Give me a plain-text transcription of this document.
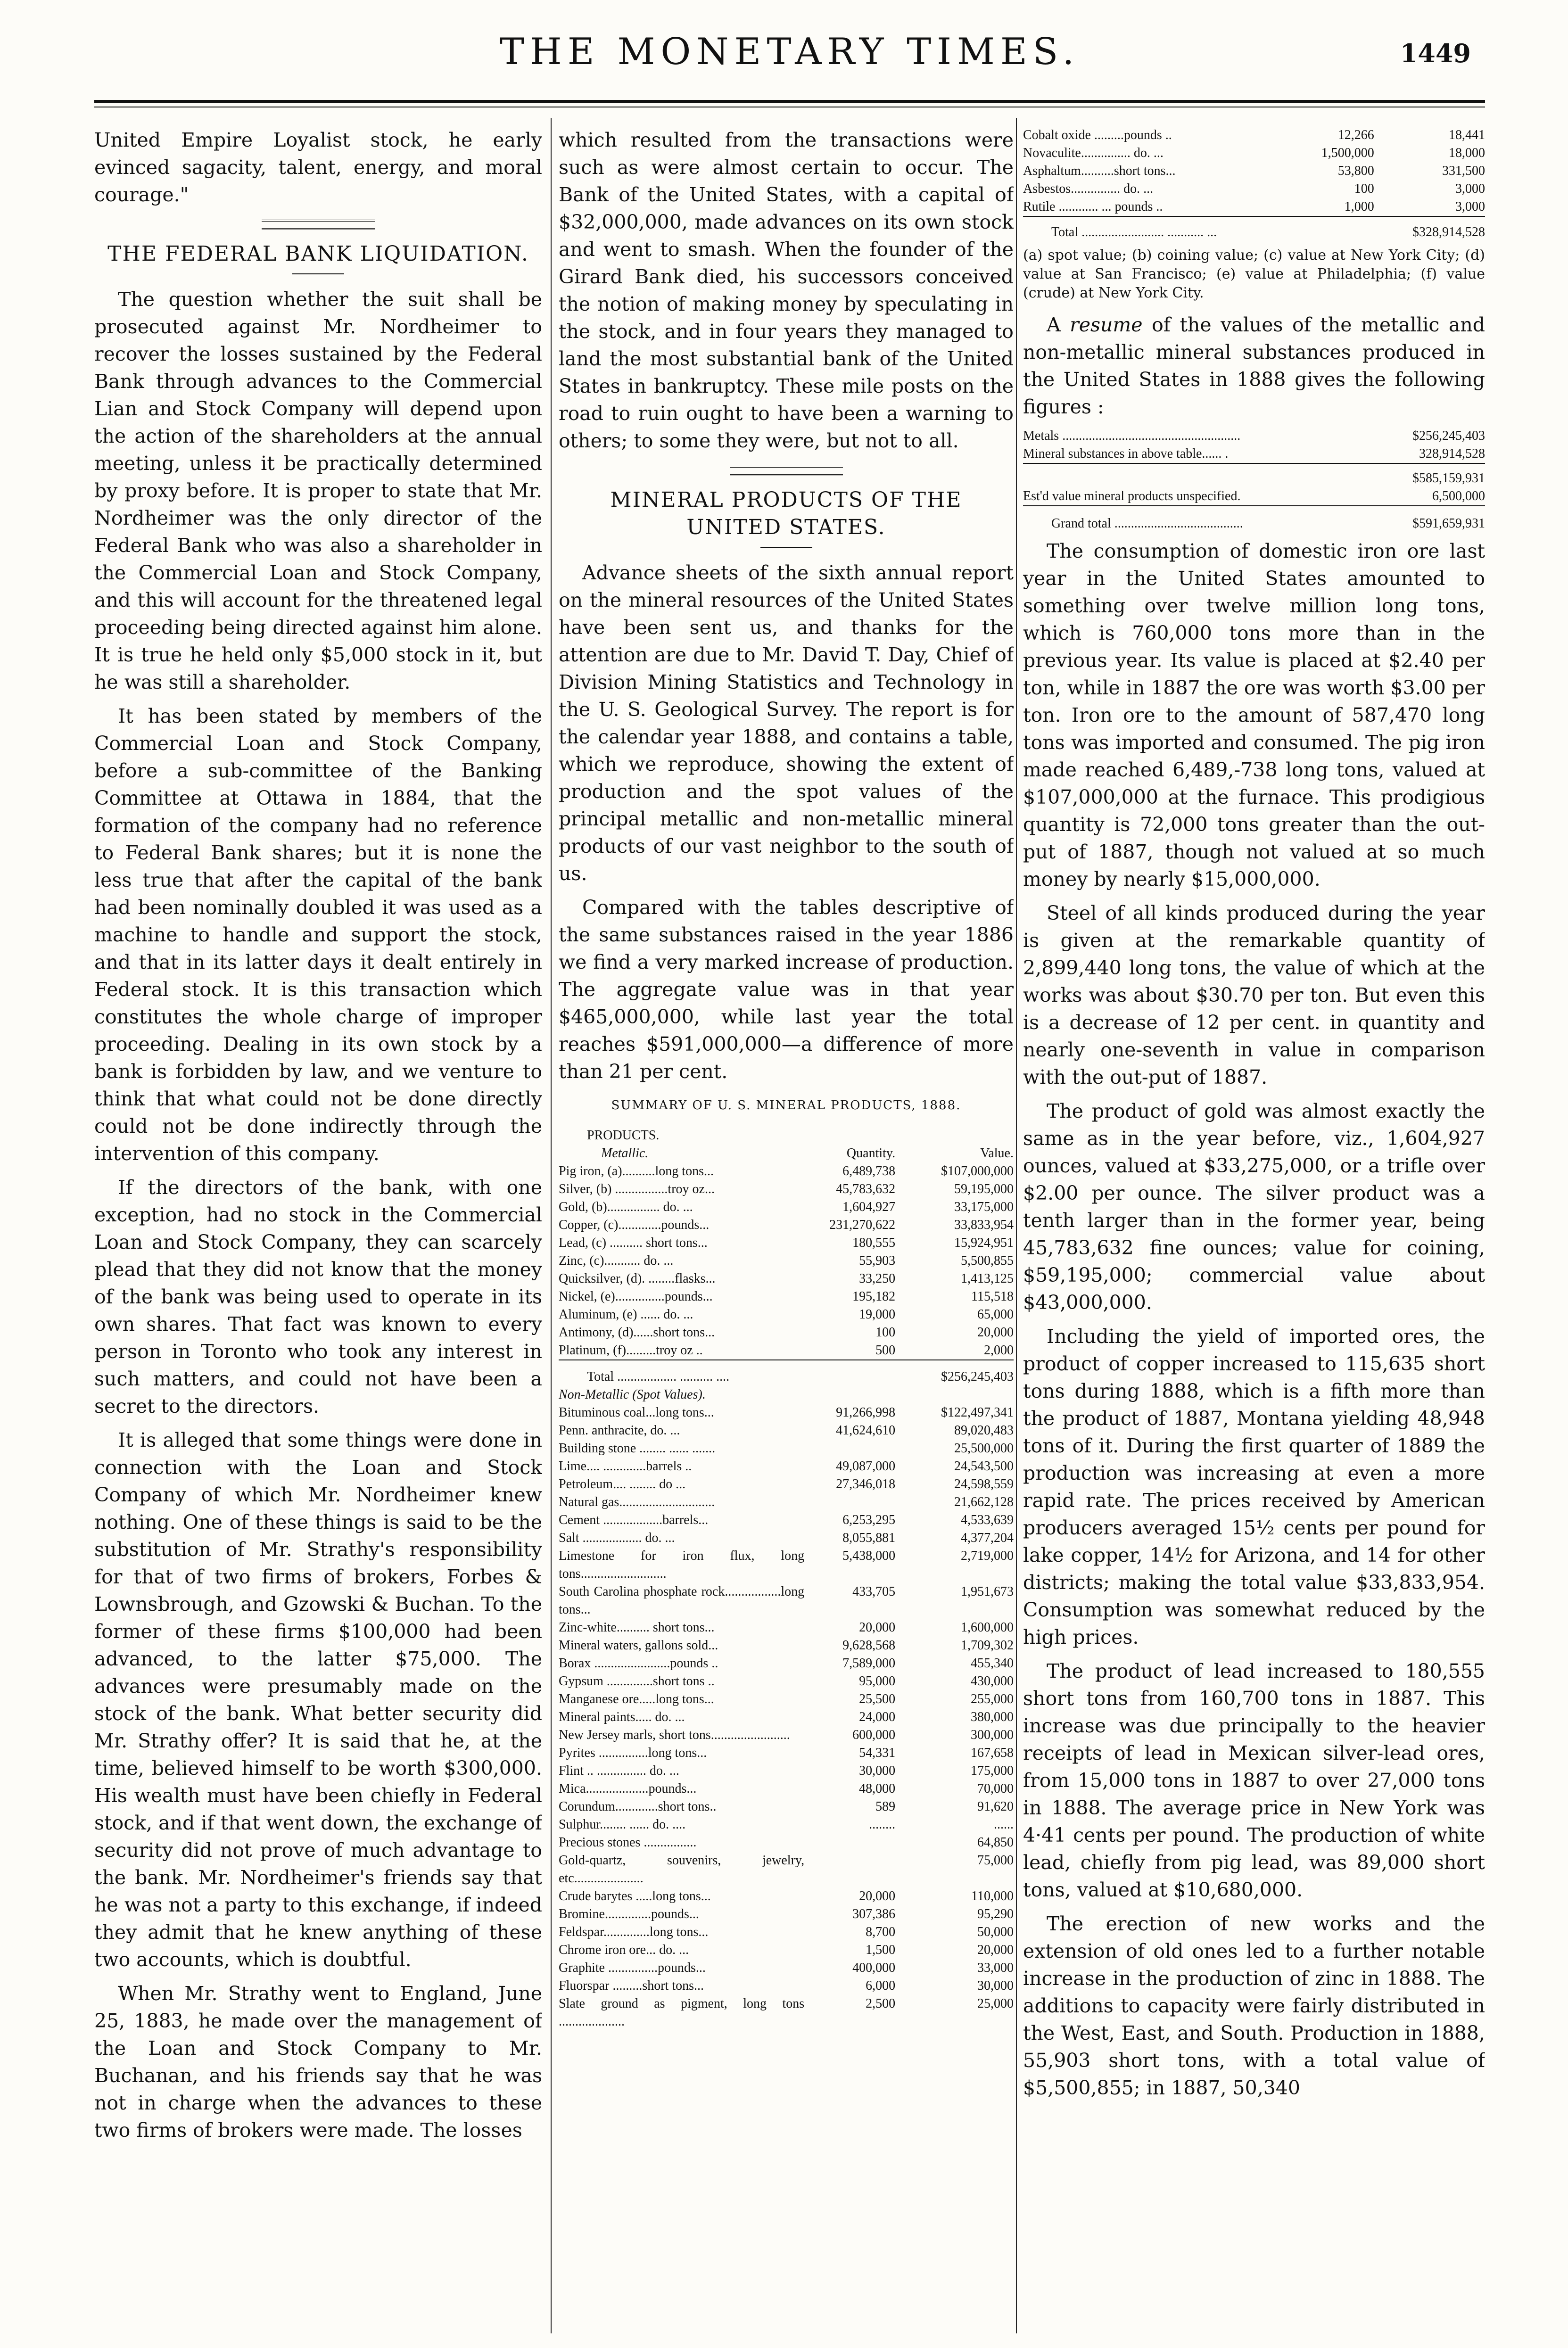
THE MONETARY TIMES.	1449

United Empire Loyalist stock, he early evinced sagacity, talent, energy, and moral courage."

THE FEDERAL BANK LIQUIDATION.

The question whether the suit shall be prosecuted against Mr. Nordheimer to recover the losses sustained by the Federal Bank through advances to the Commercial Lian and Stock Company will depend upon the action of the shareholders at the annual meeting, unless it be practically determined by proxy before. It is proper to state that Mr. Nordheimer was the only director of the Federal Bank who was also a shareholder in the Commercial Loan and Stock Company, and this will account for the threatened legal proceeding being directed against him alone. It is true he held only $5,000 stock in it, but he was still a shareholder.

It has been stated by members of the Commercial Loan and Stock Company, before a sub-committee of the Banking Committee at Ottawa in 1884, that the formation of the company had no reference to Federal Bank shares; but it is none the less true that after the capital of the bank had been nominally doubled it was used as a machine to handle and support the stock, and that in its latter days it dealt entirely in Federal stock. It is this transaction which constitutes the whole charge of improper proceeding. Dealing in its own stock by a bank is forbidden by law, and we venture to think that what could not be done directly could not be done indirectly through the intervention of this company.

If the directors of the bank, with one exception, had no stock in the Commercial Loan and Stock Company, they can scarcely plead that they did not know that the money of the bank was being used to operate in its own shares. That fact was known to every person in Toronto who took any interest in such matters, and could not have been a secret to the directors.

It is alleged that some things were done in connection with the Loan and Stock Company of which Mr. Nordheimer knew nothing. One of these things is said to be the substitution of Mr. Strathy's responsibility for that of two firms of brokers, Forbes & Lownsbrough, and Gzowski & Buchan. To the former of these firms $100,000 had been advanced, to the latter $75,000. The advances were presumably made on the stock of the bank. What better security did Mr. Strathy offer? It is said that he, at the time, believed himself to be worth $300,000. His wealth must have been chiefly in Federal stock, and if that went down, the exchange of security did not prove of much advantage to the bank. Mr. Nordheimer's friends say that he was not a party to this exchange, if indeed they admit that he knew anything of these two accounts, which is doubtful.

When Mr. Strathy went to England, June 25, 1883, he made over the management of the Loan and Stock Company to Mr. Buchanan, and his friends say that he was not in charge when the advances to these two firms of brokers were made. The losses

which resulted from the transactions were such as were almost certain to occur. The Bank of the United States, with a capital of $32,000,000, made advances on its own stock and went to smash. When the founder of the Girard Bank died, his successors conceived the notion of making money by speculating in the stock, and in four years they managed to land the most substantial bank of the United States in bankruptcy. These mile posts on the road to ruin ought to have been a warning to others; to some they were, but not to all.

MINERAL PRODUCTS OF THE
UNITED STATES.

Advance sheets of the sixth annual report on the mineral resources of the United States have been sent us, and thanks for the attention are due to Mr. David T. Day, Chief of Division Mining Statistics and Technology in the U. S. Geological Survey. The report is for the calendar year 1888, and contains a table, which we reproduce, showing the extent of production and the spot values of the principal metallic and non-metallic mineral products of our vast neighbor to the south of us.

Compared with the tables descriptive of the same substances raised in the year 1886 we find a very marked increase of production. The aggregate value was in that year $465,000,000, while last year the total reaches $591,000,000—a difference of more than 21 per cent.

SUMMARY OF U. S. MINERAL PRODUCTS, 1888.
PRODUCTS.		
Metallic.	Quantity.	Value.
Pig iron, (a)..........long tons...	6,489,738	$107,000,000
Silver, (b) ................troy oz...	45,783,632	59,195,000
Gold, (b)................ do. ...	1,604,927	33,175,000
Copper, (c).............pounds...	231,270,622	33,833,954
Lead, (c) .......... short tons...	180,555	15,924,951
Zinc, (c)........... do. ...	55,903	5,500,855
Quicksilver, (d). ........flasks...	33,250	1,413,125
Nickel, (e)...............pounds...	195,182	115,518
Aluminum, (e) ...... do. ...	19,000	65,000
Antimony, (d)......short tons...	100	20,000
Platinum, (f).........troy oz ..	500	2,000
Total .................. .......... ....		$256,245,403
Non-Metallic (Spot Values).		
Bituminous coal...long tons...	91,266,998	$122,497,341
Penn. anthracite, do. ...	41,624,610	89,020,483
Building stone ........ ...... .......		25,500,000
Lime.... .............barrels ..	49,087,000	24,543,500
Petroleum.... ........ do ...	27,346,018	24,598,559
Natural gas.............................		21,662,128
Cement ..................barrels...	6,253,295	4,533,639
Salt .................. do. ...	8,055,881	4,377,204
Limestone for iron flux, long tons..........................	5,438,000	2,719,000
South Carolina phosphate rock.................long tons...	433,705	1,951,673
Zinc-white.......... short tons...	20,000	1,600,000
Mineral waters, gallons sold...	9,628,568	1,709,302
Borax .......................pounds ..	7,589,000	455,340
Gypsum ..............short tons ..	95,000	430,000
Manganese ore.....long tons...	25,500	255,000
Mineral paints..... do. ...	24,000	380,000
New Jersey marls, short tons........................	600,000	300,000
Pyrites ...............long tons...	54,331	167,658
Flint .. ............... do. ...	30,000	175,000
Mica...................pounds...	48,000	70,000
Corundum.............short tons..	589	91,620
Sulphur........ ...... do. ....	........	......
Precious stones ................		64,850
Gold-quartz, souvenirs, jewelry, etc.....................		75,000
Crude barytes .....long tons...	20,000	110,000
Bromine..............pounds...	307,386	95,290
Feldspar..............long tons...	8,700	50,000
Chrome iron ore... do. ...	1,500	20,000
Graphite ...............pounds...	400,000	33,000
Fluorspar .........short tons...	6,000	30,000
Slate ground as pigment, long tons ....................	2,500	25,000
Cobalt oxide .........pounds ..	12,266	18,441
Novaculite............... do. ...	1,500,000	18,000
Asphaltum..........short tons...	53,800	331,500
Asbestos............... do. ...	100	3,000
Rutile ............ ... pounds ..	1,000	3,000
Total ......................... ........... ...		$328,914,528

(a) spot value; (b) coining value; (c) value at New York City; (d) value at San Francisco; (e) value at Philadelphia; (f) value (crude) at New York City.

A resume of the values of the metallic and non-metallic mineral substances produced in the United States in 1888 gives the following figures :

Metals ......................................................	$256,245,403
Mineral substances in above table...... .	328,914,528
	$585,159,931
Est'd value mineral products unspecified.	6,500,000
Grand total .......................................	$591,659,931

The consumption of domestic iron ore last year in the United States amounted to something over twelve million long tons, which is 760,000 tons more than in the previous year. Its value is placed at $2.40 per ton, while in 1887 the ore was worth $3.00 per ton. Iron ore to the amount of 587,470 long tons was imported and consumed. The pig iron made reached 6,489,-738 long tons, valued at $107,000,000 at the furnace. This prodigious quantity is 72,000 tons greater than the out-put of 1887, though not valued at so much money by nearly $15,000,000.

Steel of all kinds produced during the year is given at the remarkable quantity of 2,899,440 long tons, the value of which at the works was about $30.70 per ton. But even this is a decrease of 12 per cent. in quantity and nearly one-seventh in value in comparison with the out-put of 1887.

The product of gold was almost exactly the same as in the year before, viz., 1,604,927 ounces, valued at $33,275,000, or a trifle over $2.00 per ounce. The silver product was a tenth larger than in the former year, being 45,783,632 fine ounces; value for coining, $59,195,000; commercial value about $43,000,000.

Including the yield of imported ores, the product of copper increased to 115,635 short tons during 1888, which is a fifth more than the product of 1887, Montana yielding 48,948 tons of it. During the first quarter of 1889 the production was increasing at even a more rapid rate. The prices received by American producers averaged 15½ cents per pound for lake copper, 14½ for Arizona, and 14 for other districts; making the total value $33,833,954. Consumption was somewhat reduced by the high prices.

The product of lead increased to 180,555 short tons from 160,700 tons in 1887. This increase was due principally to the heavier receipts of lead in Mexican silver-lead ores, from 15,000 tons in 1887 to over 27,000 tons in 1888. The average price in New York was 4·41 cents per pound. The production of white lead, chiefly from pig lead, was 89,000 short tons, valued at $10,680,000.

The erection of new works and the extension of old ones led to a further notable increase in the production of zinc in 1888. The additions to capacity were fairly distributed in the West, East, and South. Production in 1888, 55,903 short tons, with a total value of $5,500,855; in 1887, 50,340
